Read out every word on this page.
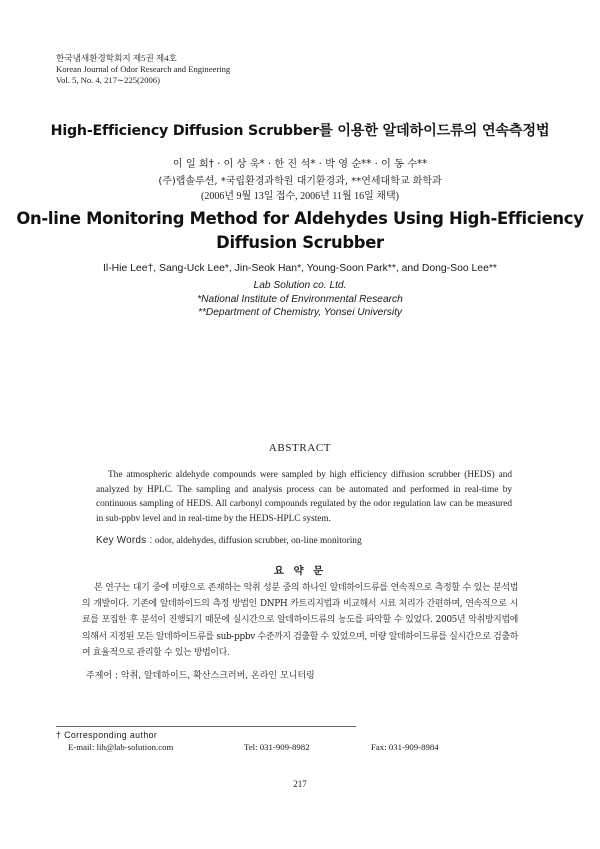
한국냄새환경학회지 제5권 제4호
Korean Journal of Odor Research and Engineering
Vol. 5, No. 4, 217∼225(2006)
High-Efficiency Diffusion Scrubber를 이용한 알데하이드류의 연속측정법
이 일 희† · 이 상 욱* · 한 진 석* · 박 영 순** · 이 동 수**
(주)랩솔루션, *국립환경과학원 대기환경과, **연세대학교 화학과
(2006년 9월 13일 접수, 2006년 11월 16일 채택)
On-line Monitoring Method for Aldehydes Using High-Efficiency
Diffusion Scrubber
Il-Hie Lee†, Sang-Uck Lee*, Jin-Seok Han*, Young-Soon Park**, and Dong-Soo Lee**
Lab Solution co. Ltd.
*National Institute of Environmental Research
**Department of Chemistry, Yonsei University
ABSTRACT
The atmospheric aldehyde compounds were sampled by high efficiency diffusion scrubber (HEDS) and analyzed by HPLC. The sampling and analysis process can be automated and performed in real-time by continuous sampling of HEDS. All carbonyl compounds regulated by the odor regulation law can be measured in sub-ppbv level and in real-time by the HEDS-HPLC system.
Key Words : odor, aldehydes, diffusion scrubber, on-line monitoring
요 약 문
본 연구는 대기 중에 미량으로 존재하는 악취 성분 중의 하나인 알데하이드류를 연속적으로 측정할 수 있는 분석법의 개발이다. 기존에 알데하이드의 측정 방법인 DNPH 카트리지법과 비교해서 시료 처리가 간편하며, 연속적으로 시료를 포집한 후 분석이 진행되기 때문에 실시간으로 알데하이드류의 농도를 파악할 수 있었다. 2005년 악취방지법에 의해서 지정된 모든 알데하이드류를 sub-ppbv 수준까지 검출할 수 있었으며, 미량 알데하이드류를 실시간으로 검출하여 효율적으로 관리할 수 있는 방법이다.
주제어 : 악취, 알데하이드, 확산스크러버, 온라인 모니터링
† Corresponding author
E-mail: lih@lab-solution.com	Tel: 031-909-8982	Fax: 031-909-8984
217
